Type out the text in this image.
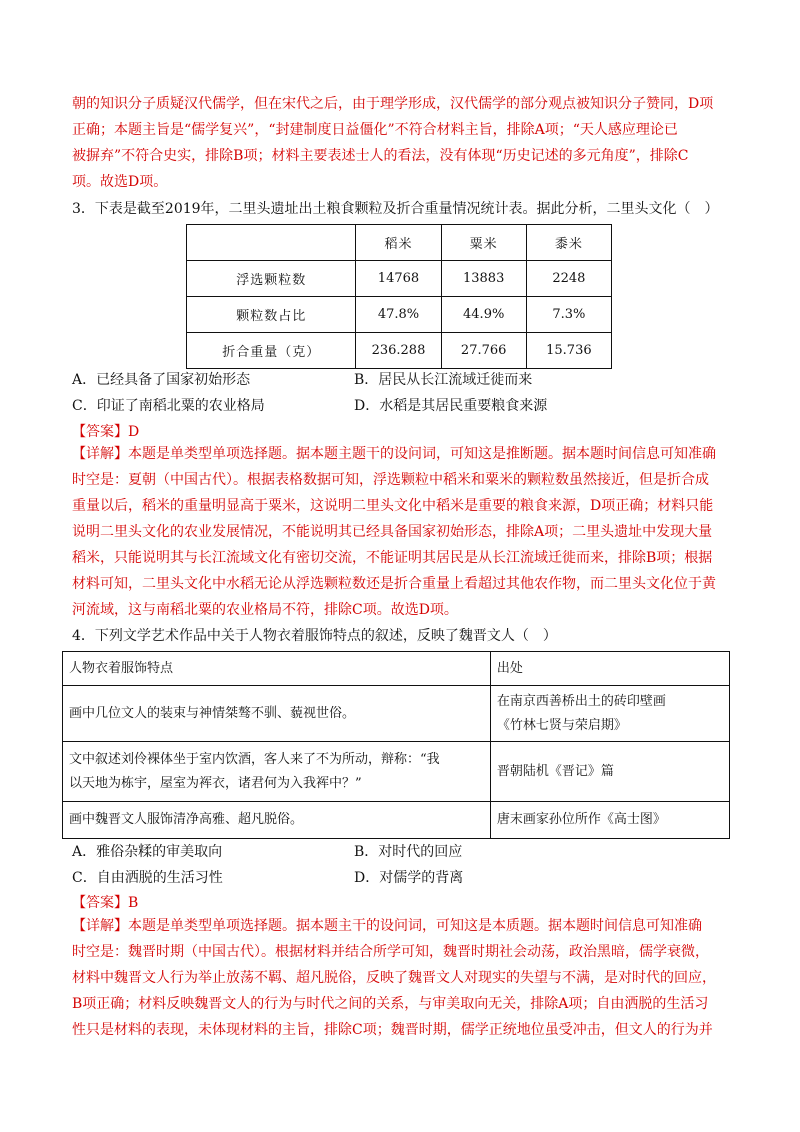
朝的知识分子质疑汉代儒学，但在宋代之后，由于理学形成，汉代儒学的部分观点被知识分子赞同，D项
正确；本题主旨是“儒学复兴”，“封建制度日益僵化”不符合材料主旨，排除A项；“天人感应理论已
被摒弃”不符合史实，排除B项；材料主要表述士人的看法，没有体现“历史记述的多元角度”，排除C
项。故选D项。
3．下表是截至2019年，二里头遗址出土粮食颗粒及折合重量情况统计表。据此分析，二里头文化（　）
	稻米	粟米	黍米
浮选颗粒数	14768	13883	2248
颗粒数占比	47.8%	44.9%	7.3%
折合重量（克）	236.288	27.766	15.736
A．已经具备了国家初始形态	B．居民从长江流域迁徙而来
C．印证了南稻北粟的农业格局	D．水稻是其居民重要粮食来源
【答案】D
【详解】本题是单类型单项选择题。据本题主题干的设问词，可知这是推断题。据本题时间信息可知准确
时空是：夏朝（中国古代）。根据表格数据可知，浮选颗粒中稻米和粟米的颗粒数虽然接近，但是折合成
重量以后，稻米的重量明显高于粟米，这说明二里头文化中稻米是重要的粮食来源，D项正确；材料只能
说明二里头文化的农业发展情况，不能说明其已经具备国家初始形态，排除A项；二里头遗址中发现大量
稻米，只能说明其与长江流域文化有密切交流，不能证明其居民是从长江流域迁徙而来，排除B项；根据
材料可知，二里头文化中水稻无论从浮选颗粒数还是折合重量上看超过其他农作物，而二里头文化位于黄
河流域，这与南稻北粟的农业格局不符，排除C项。故选D项。
4．下列文学艺术作品中关于人物衣着服饰特点的叙述，反映了魏晋文人（　）
人物衣着服饰特点	出处
画中几位文人的装束与神情桀骜不驯、藐视世俗。	在南京西善桥出土的砖印壁画
《竹林七贤与荣启期》

文中叙述刘伶裸体坐于室内饮酒，客人来了不为所动，辩称：“我
以天地为栋宇，屋室为裈衣，诸君何为入我裈中？”	晋朝陆机《晋记》篇
画中魏晋文人服饰清净高雅、超凡脱俗。	唐末画家孙位所作《高士图》
A．雅俗杂糅的审美取向	B．对时代的回应
C．自由洒脱的生活习性	D．对儒学的背离
【答案】B
【详解】本题是单类型单项选择题。据本题主干的设问词，可知这是本质题。据本题时间信息可知准确
时空是：魏晋时期（中国古代）。根据材料并结合所学可知，魏晋时期社会动荡，政治黑暗，儒学衰微，
材料中魏晋文人行为举止放荡不羁、超凡脱俗，反映了魏晋文人对现实的失望与不满，是对时代的回应，
B项正确；材料反映魏晋文人的行为与时代之间的关系，与审美取向无关，排除A项；自由洒脱的生活习
性只是材料的表现，未体现材料的主旨，排除C项；魏晋时期，儒学正统地位虽受冲击，但文人的行为并
